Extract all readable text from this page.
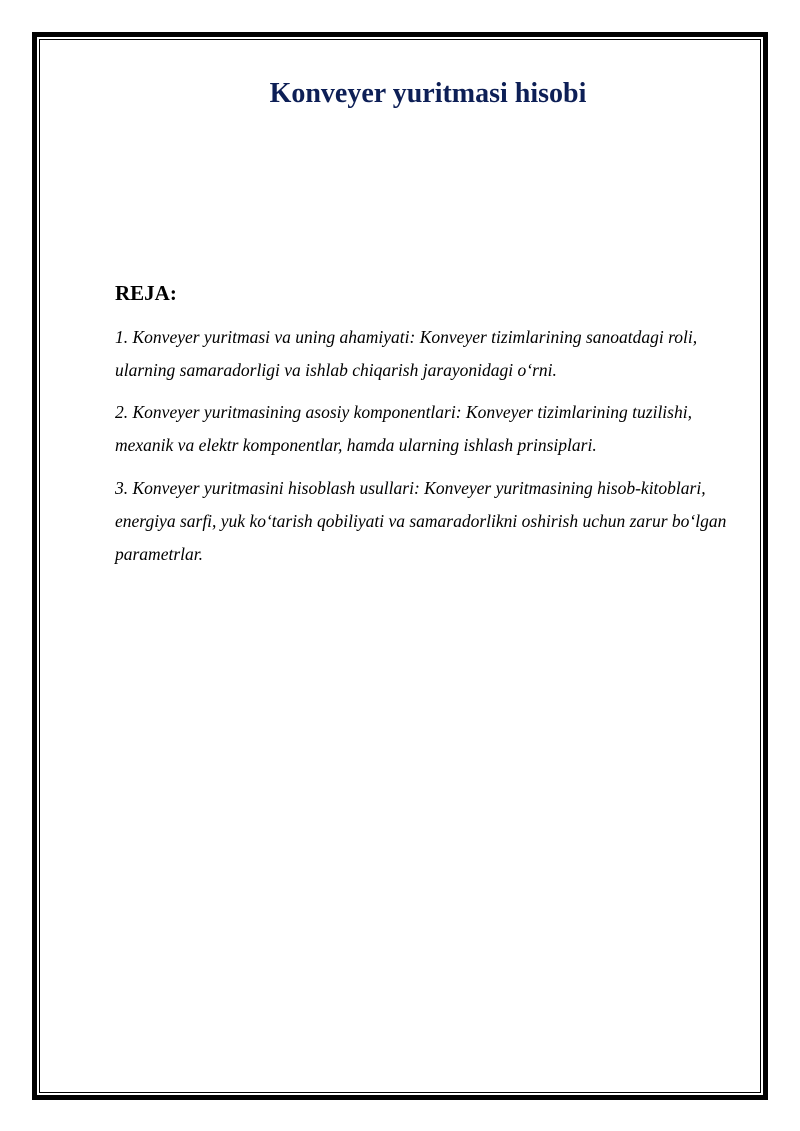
Konveyer yuritmasi hisobi
REJA:

1. Konveyer yuritmasi va uning ahamiyati: Konveyer tizimlarining sanoatdagi roli, ularning samaradorligi va ishlab chiqarish jarayonidagi o‘rni.

2. Konveyer yuritmasining asosiy komponentlari: Konveyer tizimlarining tuzilishi, mexanik va elektr komponentlar, hamda ularning ishlash prinsiplari.

3. Konveyer yuritmasini hisoblash usullari: Konveyer yuritmasining hisob-kitoblari, energiya sarfi, yuk ko‘tarish qobiliyati va samaradorlikni oshirish uchun zarur bo‘lgan parametrlar.
